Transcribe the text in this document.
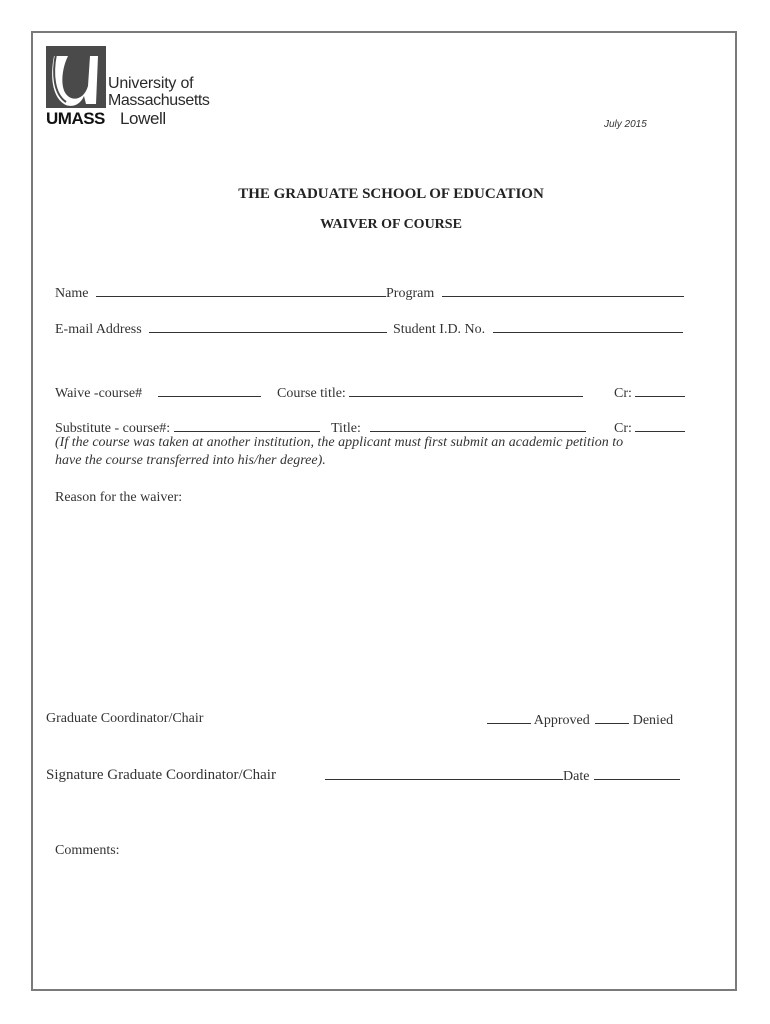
University of
Massachusetts
UMASS Lowell	July 2015
THE GRADUATE SCHOOL OF EDUCATION
WAIVER OF COURSE
Name	Program
E-mail Address	Student I.D. No.
Waive -course#	Course title:	Cr:
Substitute - course#:	Title:	Cr:
(If the course was taken at another institution, the applicant must first submit an academic petition to
have the course transferred into his/her degree).
Reason for the waiver:
Graduate Coordinator/Chair	Approved	Denied
Signature Graduate Coordinator/Chair	Date
Comments:
